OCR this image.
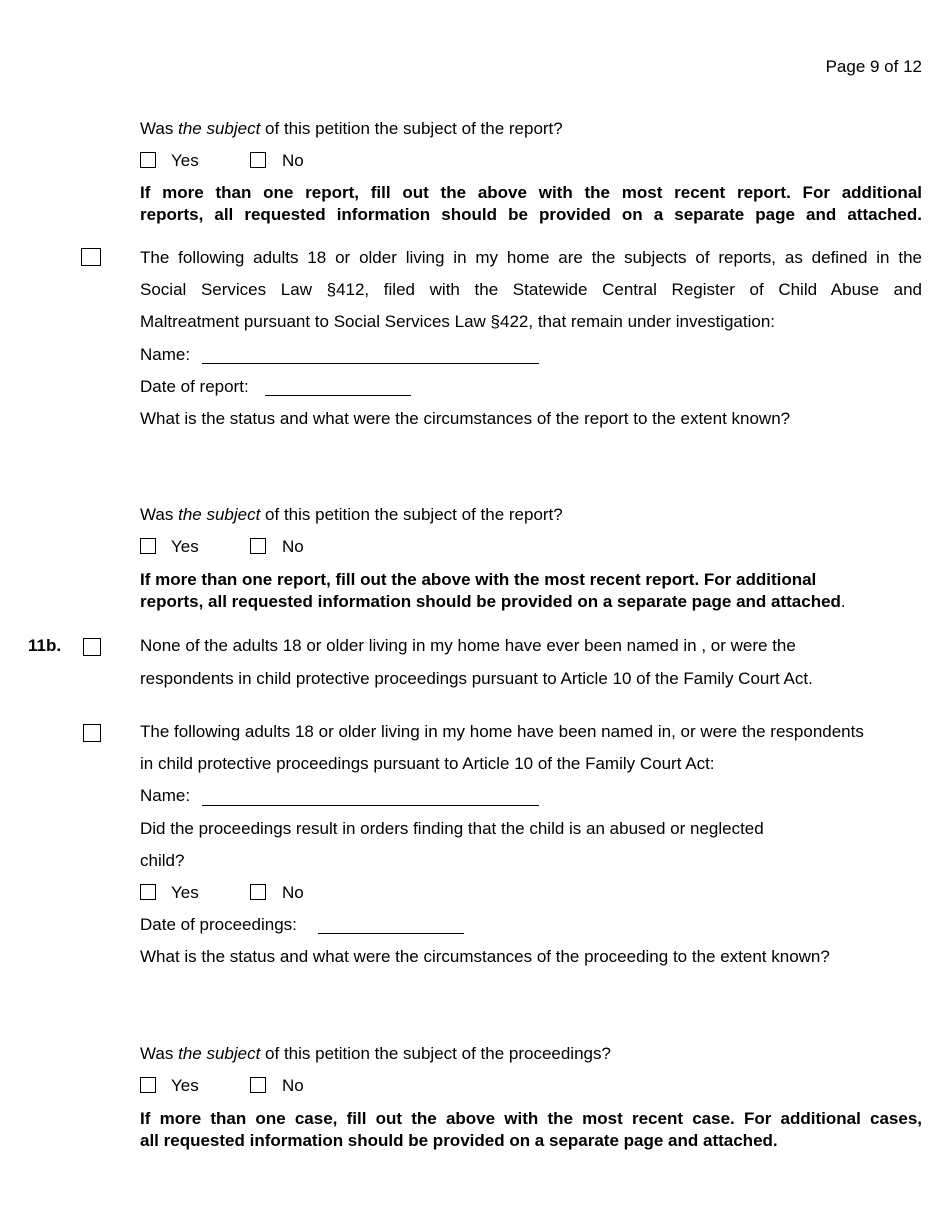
Page 9 of 12
Was the subject of this petition the subject of the report?
Yes	No
If more than one report, fill out the above with the most recent report. For additional
reports, all requested information should be provided on a separate page and attached.
The following adults 18 or older living in my home are the subjects of reports, as defined in the
Social Services Law §412, filed with the Statewide Central Register of Child Abuse and
Maltreatment pursuant to Social Services Law §422, that remain under investigation:
Name:
Date of report:
What is the status and what were the circumstances of the report to the extent known?
Was the subject of this petition the subject of the report?
Yes	No
If more than one report, fill out the above with the most recent report. For additional
reports, all requested information should be provided on a separate page and attached.
11b.	None of the adults 18 or older living in my home have ever been named in , or were the
respondents in child protective proceedings pursuant to Article 10 of the Family Court Act.
The following adults 18 or older living in my home have been named in, or were the respondents
in child protective proceedings pursuant to Article 10 of the Family Court Act:
Name:
Did the proceedings result in orders finding that the child is an abused or neglected
child?
Yes	No
Date of proceedings:
What is the status and what were the circumstances of the proceeding to the extent known?
Was the subject of this petition the subject of the proceedings?
Yes	No
If more than one case, fill out the above with the most recent case. For additional cases,
all requested information should be provided on a separate page and attached.
